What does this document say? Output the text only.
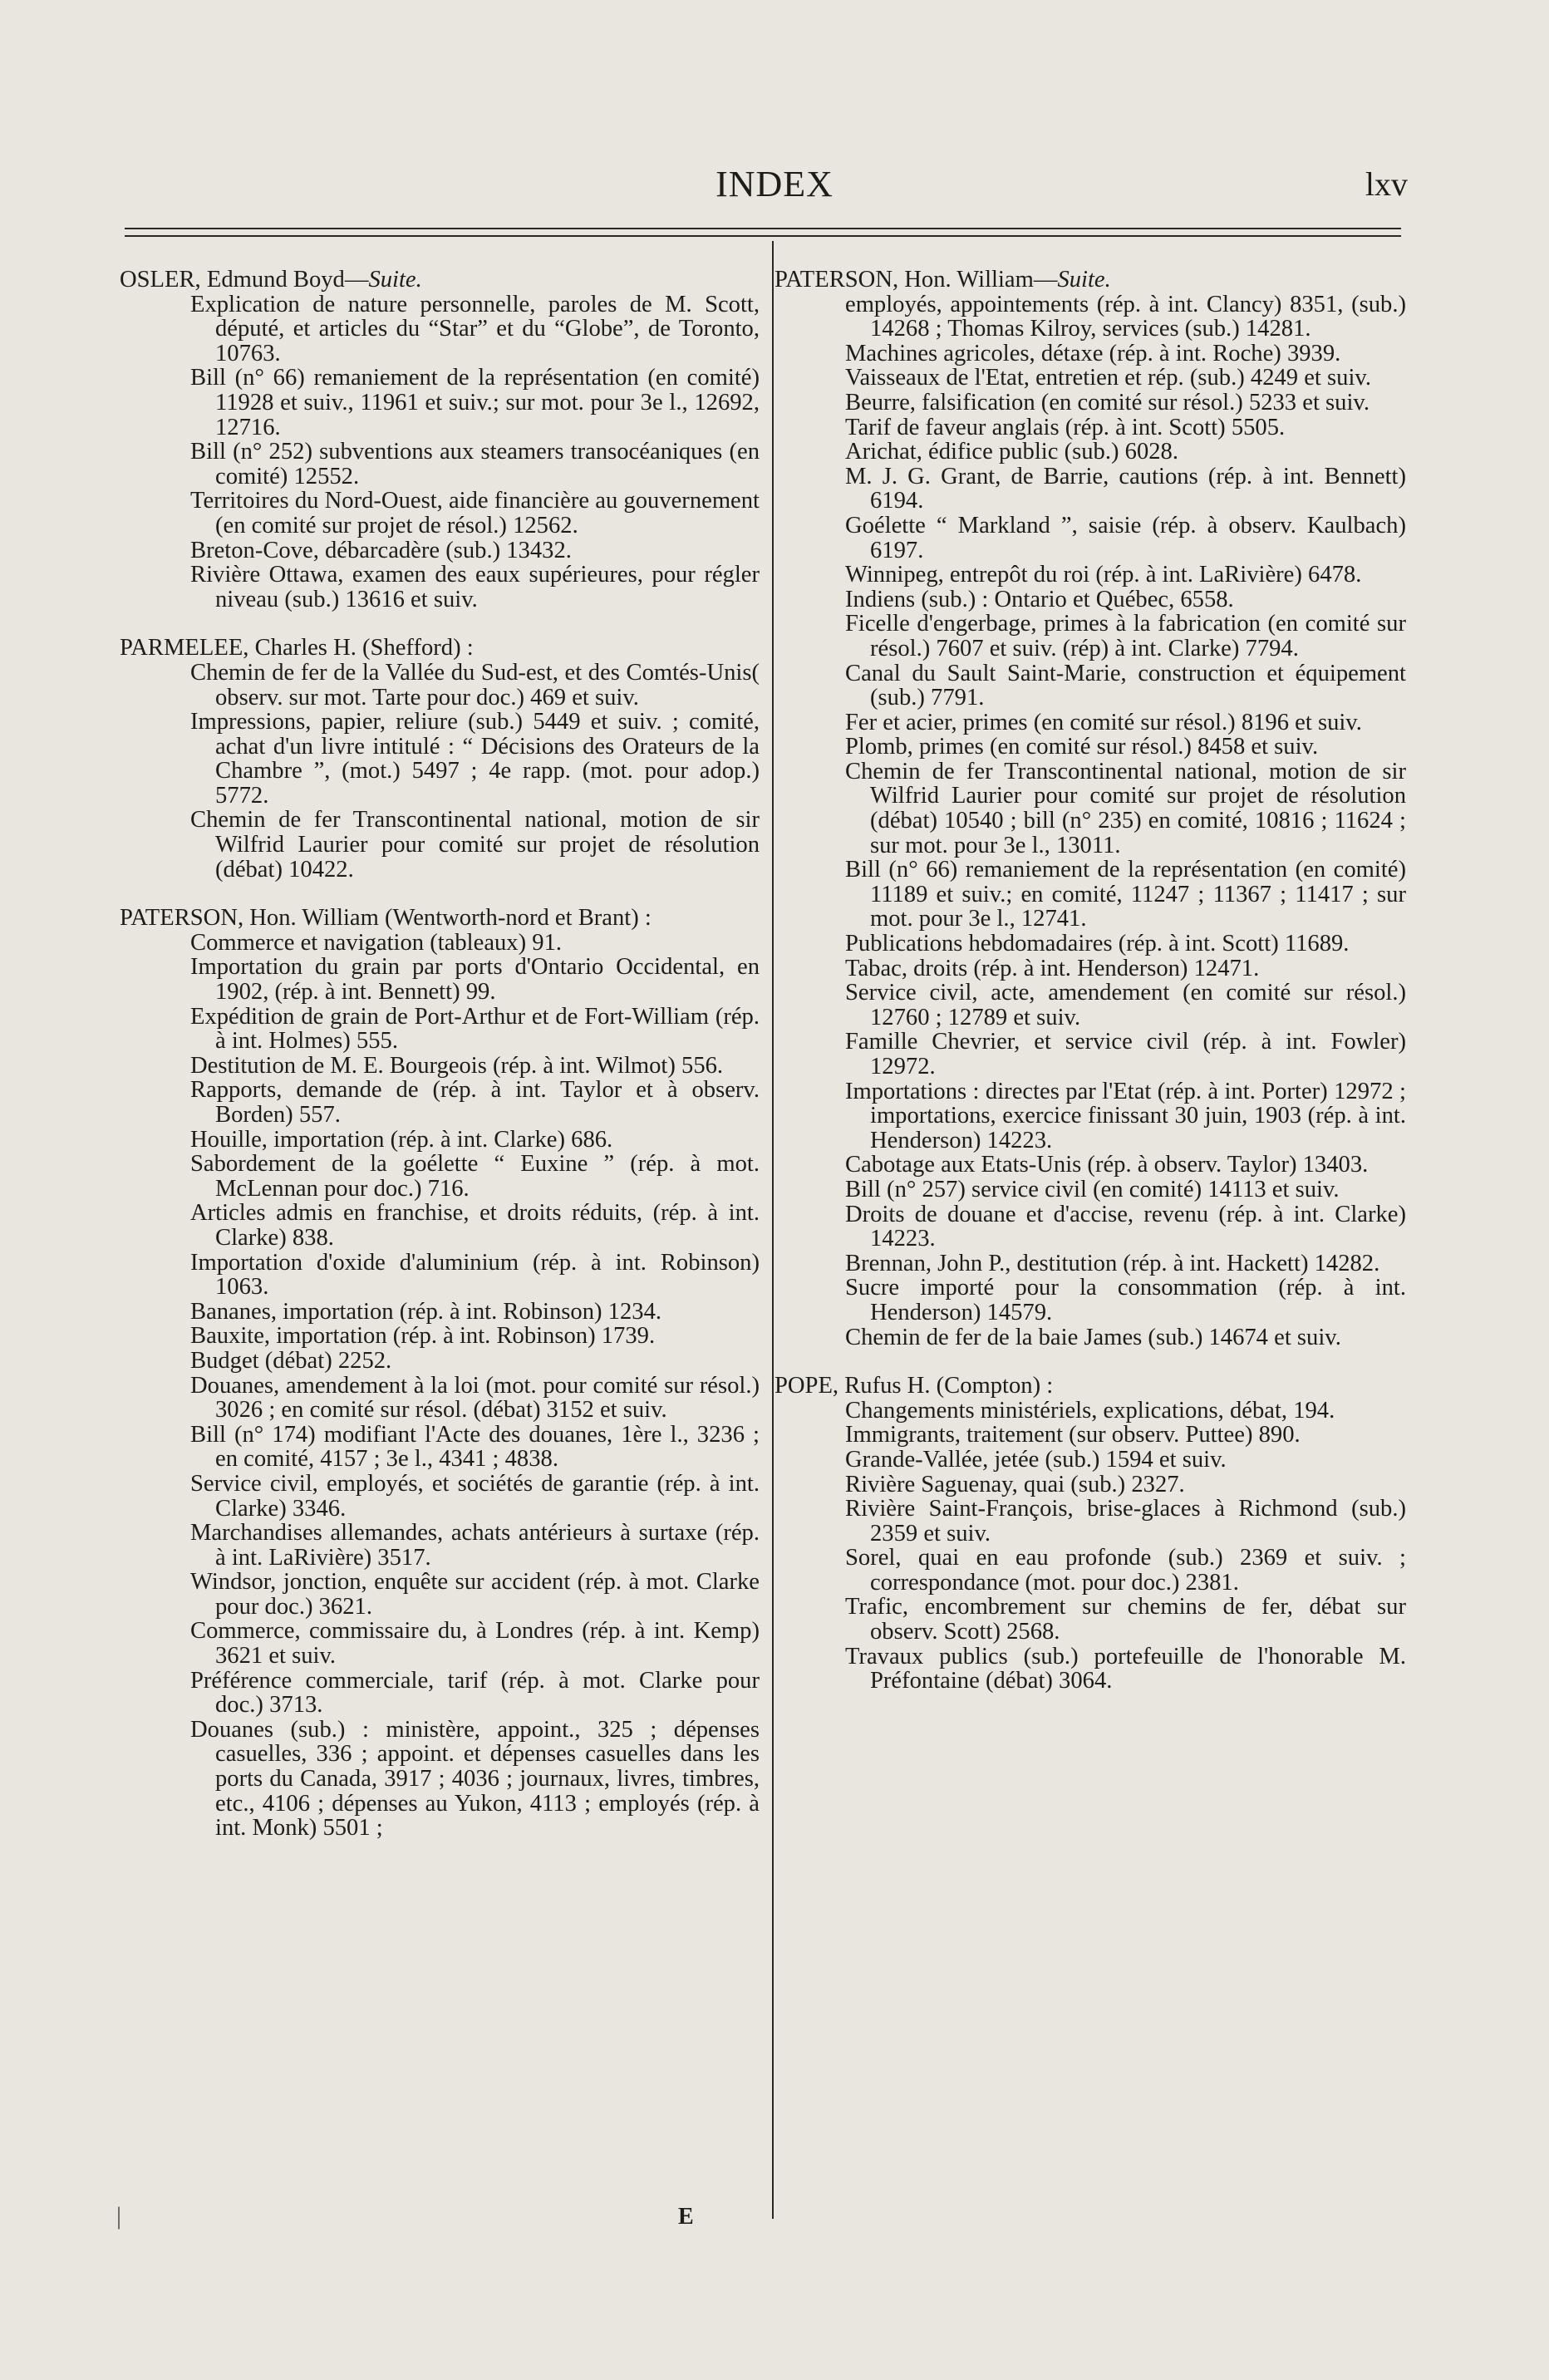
INDEX	lxv
OSLER, Edmund Boyd—Suite.
Explication de nature personnelle, paroles de M. Scott, député, et articles du “Star” et du “Globe”, de Toronto, 10763.
Bill (n° 66) remaniement de la représentation (en comité) 11928 et suiv., 11961 et suiv.; sur mot. pour 3e l., 12692, 12716.
Bill (n° 252) subventions aux steamers transocéaniques (en comité) 12552.
Territoires du Nord-Ouest, aide financière au gouvernement (en comité sur projet de résol.) 12562.
Breton-Cove, débarcadère (sub.) 13432.
Rivière Ottawa, examen des eaux supérieures, pour régler niveau (sub.) 13616 et suiv.
PARMELEE, Charles H. (Shefford) :
Chemin de fer de la Vallée du Sud-est, et des Comtés-Unis( observ. sur mot. Tarte pour doc.) 469 et suiv.
Impressions, papier, reliure (sub.) 5449 et suiv. ; comité, achat d'un livre intitulé : “ Décisions des Orateurs de la Chambre ”, (mot.) 5497 ; 4e rapp. (mot. pour adop.) 5772.
Chemin de fer Transcontinental national, motion de sir Wilfrid Laurier pour comité sur projet de résolution (débat) 10422.
PATERSON, Hon. William (Wentworth-nord et Brant) :
Commerce et navigation (tableaux) 91.
Importation du grain par ports d'Ontario Occidental, en 1902, (rép. à int. Bennett) 99.
Expédition de grain de Port-Arthur et de Fort-William (rép. à int. Holmes) 555.
Destitution de M. E. Bourgeois (rép. à int. Wilmot) 556.
Rapports, demande de (rép. à int. Taylor et à observ. Borden) 557.
Houille, importation (rép. à int. Clarke) 686.
Sabordement de la goélette “ Euxine ” (rép. à mot. McLennan pour doc.) 716.
Articles admis en franchise, et droits réduits, (rép. à int. Clarke) 838.
Importation d'oxide d'aluminium (rép. à int. Robinson) 1063.
Bananes, importation (rép. à int. Robinson) 1234.
Bauxite, importation (rép. à int. Robinson) 1739.
Budget (débat) 2252.
Douanes, amendement à la loi (mot. pour comité sur résol.) 3026 ; en comité sur résol. (débat) 3152 et suiv.
Bill (n° 174) modifiant l'Acte des douanes, 1ère l., 3236 ; en comité, 4157 ; 3e l., 4341 ; 4838.
Service civil, employés, et sociétés de garantie (rép. à int. Clarke) 3346.
Marchandises allemandes, achats antérieurs à surtaxe (rép. à int. LaRivière) 3517.
Windsor, jonction, enquête sur accident (rép. à mot. Clarke pour doc.) 3621.
Commerce, commissaire du, à Londres (rép. à int. Kemp) 3621 et suiv.
Préférence commerciale, tarif (rép. à mot. Clarke pour doc.) 3713.
Douanes (sub.) : ministère, appoint., 325 ; dépenses casuelles, 336 ; appoint. et dépenses casuelles dans les ports du Canada, 3917 ; 4036 ; journaux, livres, timbres, etc., 4106 ; dépenses au Yukon, 4113 ; employés (rép. à int. Monk) 5501 ;
PATERSON, Hon. William—Suite.
employés, appointements (rép. à int. Clancy) 8351, (sub.) 14268 ; Thomas Kilroy, services (sub.) 14281.
Machines agricoles, détaxe (rép. à int. Roche) 3939.
Vaisseaux de l'Etat, entretien et rép. (sub.) 4249 et suiv.
Beurre, falsification (en comité sur résol.) 5233 et suiv.
Tarif de faveur anglais (rép. à int. Scott) 5505.
Arichat, édifice public (sub.) 6028.
M. J. G. Grant, de Barrie, cautions (rép. à int. Bennett) 6194.
Goélette “ Markland ”, saisie (rép. à observ. Kaulbach) 6197.
Winnipeg, entrepôt du roi (rép. à int. LaRivière) 6478.
Indiens (sub.) : Ontario et Québec, 6558.
Ficelle d'engerbage, primes à la fabrication (en comité sur résol.) 7607 et suiv. (rép) à int. Clarke) 7794.
Canal du Sault Saint-Marie, construction et équipement (sub.) 7791.
Fer et acier, primes (en comité sur résol.) 8196 et suiv.
Plomb, primes (en comité sur résol.) 8458 et suiv.
Chemin de fer Transcontinental national, motion de sir Wilfrid Laurier pour comité sur projet de résolution (débat) 10540 ; bill (n° 235) en comité, 10816 ; 11624 ; sur mot. pour 3e l., 13011.
Bill (n° 66) remaniement de la représentation (en comité) 11189 et suiv.; en comité, 11247 ; 11367 ; 11417 ; sur mot. pour 3e l., 12741.
Publications hebdomadaires (rép. à int. Scott) 11689.
Tabac, droits (rép. à int. Henderson) 12471.
Service civil, acte, amendement (en comité sur résol.) 12760 ; 12789 et suiv.
Famille Chevrier, et service civil (rép. à int. Fowler) 12972.
Importations : directes par l'Etat (rép. à int. Porter) 12972 ; importations, exercice finissant 30 juin, 1903 (rép. à int. Henderson) 14223.
Cabotage aux Etats-Unis (rép. à observ. Taylor) 13403.
Bill (n° 257) service civil (en comité) 14113 et suiv.
Droits de douane et d'accise, revenu (rép. à int. Clarke) 14223.
Brennan, John P., destitution (rép. à int. Hackett) 14282.
Sucre importé pour la consommation (rép. à int. Henderson) 14579.
Chemin de fer de la baie James (sub.) 14674 et suiv.
POPE, Rufus H. (Compton) :
Changements ministériels, explications, débat, 194.
Immigrants, traitement (sur observ. Puttee) 890.
Grande-Vallée, jetée (sub.) 1594 et suiv.
Rivière Saguenay, quai (sub.) 2327.
Rivière Saint-François, brise-glaces à Richmond (sub.) 2359 et suiv.
Sorel, quai en eau profonde (sub.) 2369 et suiv. ; correspondance (mot. pour doc.) 2381.
Trafic, encombrement sur chemins de fer, débat sur observ. Scott) 2568.
Travaux publics (sub.) portefeuille de l'honorable M. Préfontaine (débat) 3064.
|	E
